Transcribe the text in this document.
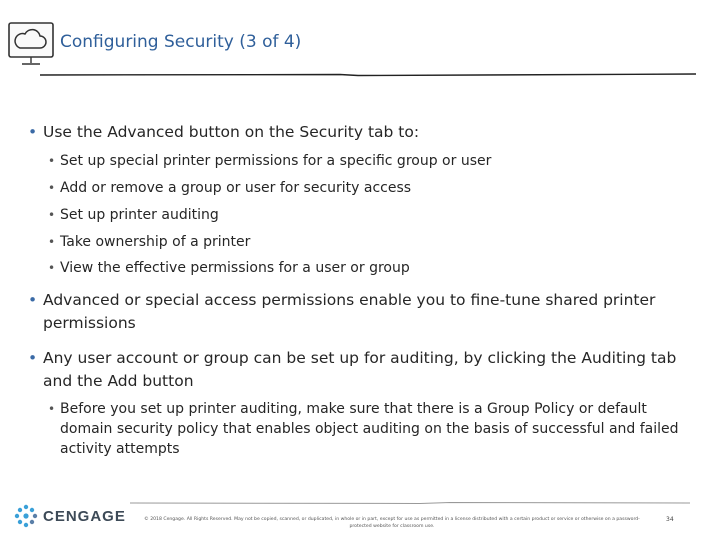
Configuring Security (3 of 4)
• Use the Advanced button on the Security tab to:
• Set up special printer permissions for a specific group or user
• Add or remove a group or user for security access
• Set up printer auditing
• Take ownership of a printer
• View the effective permissions for a user or group
• Advanced or special access permissions enable you to fine-tune shared printer permissions
• Any user account or group can be set up for auditing, by clicking the Auditing tab and the Add button
• Before you set up printer auditing, make sure that there is a Group Policy or default domain security policy that enables object auditing on the basis of successful and failed activity attempts
CENGAGE	© 2018 Cengage. All Rights Reserved. May not be copied, scanned, or duplicated, in whole or in part, except for use as permitted in a license distributed with a certain product or service or otherwise on a password-protected website for classroom use.
34
